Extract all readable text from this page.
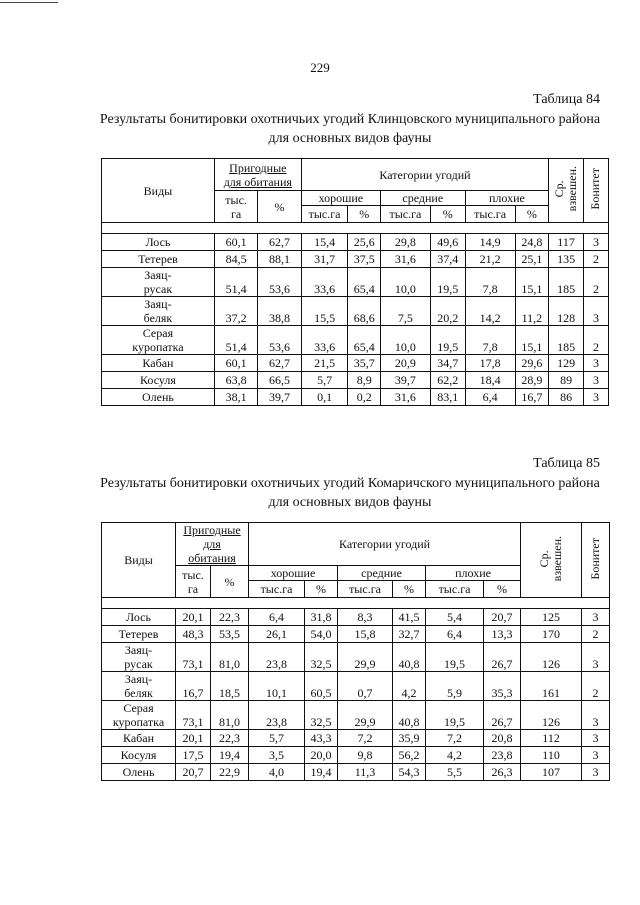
229
Таблица 84
Результаты бонитировки охотничьих угодий Клинцовского муниципального района для основных видов фауны
Виды	Пригодные
для обитания		Категории угодий						Ср.
взвешен.	Бонитет
	тыс.
га	%	хорошие		средние		плохие			
			тыс.га	%	тыс.га	%	тыс.га	%		

Лось	60,1	62,7	15,4	25,6	29,8	49,6	14,9	24,8	117	3
Тетерев	84,5	88,1	31,7	37,5	31,6	37,4	21,2	25,1	135	2
Заяц-
русак	51,4	53,6	33,6	65,4	10,0	19,5	7,8	15,1	185	2
Заяц-
беляк	37,2	38,8	15,5	68,6	7,5	20,2	14,2	11,2	128	3
Серая
куропатка	51,4	53,6	33,6	65,4	10,0	19,5	7,8	15,1	185	2
Кабан	60,1	62,7	21,5	35,7	20,9	34,7	17,8	29,6	129	3
Косуля	63,8	66,5	5,7	8,9	39,7	62,2	18,4	28,9	89	3
Олень	38,1	39,7	0,1	0,2	31,6	83,1	6,4	16,7	86	3
Таблица 85
Результаты бонитировки охотничьих угодий Комаричского муниципального района для основных видов фауны
Виды	Пригодные
для обитания		Категории угодий						Ср.
взвешен.	Бонитет
	тыс.
га	%	хорошие		средние		плохие			
			тыс.га	%	тыс.га	%	тыс.га	%		

Лось	20,1	22,3	6,4	31,8	8,3	41,5	5,4	20,7	125	3
Тетерев	48,3	53,5	26,1	54,0	15,8	32,7	6,4	13,3	170	2
Заяц-
русак	73,1	81,0	23,8	32,5	29,9	40,8	19,5	26,7	126	3
Заяц-
беляк	16,7	18,5	10,1	60,5	0,7	4,2	5,9	35,3	161	2
Серая
куропатка	73,1	81,0	23,8	32,5	29,9	40,8	19,5	26,7	126	3
Кабан	20,1	22,3	5,7	43,3	7,2	35,9	7,2	20,8	112	3
Косуля	17,5	19,4	3,5	20,0	9,8	56,2	4,2	23,8	110	3
Олень	20,7	22,9	4,0	19,4	11,3	54,3	5,5	26,3	107	3
